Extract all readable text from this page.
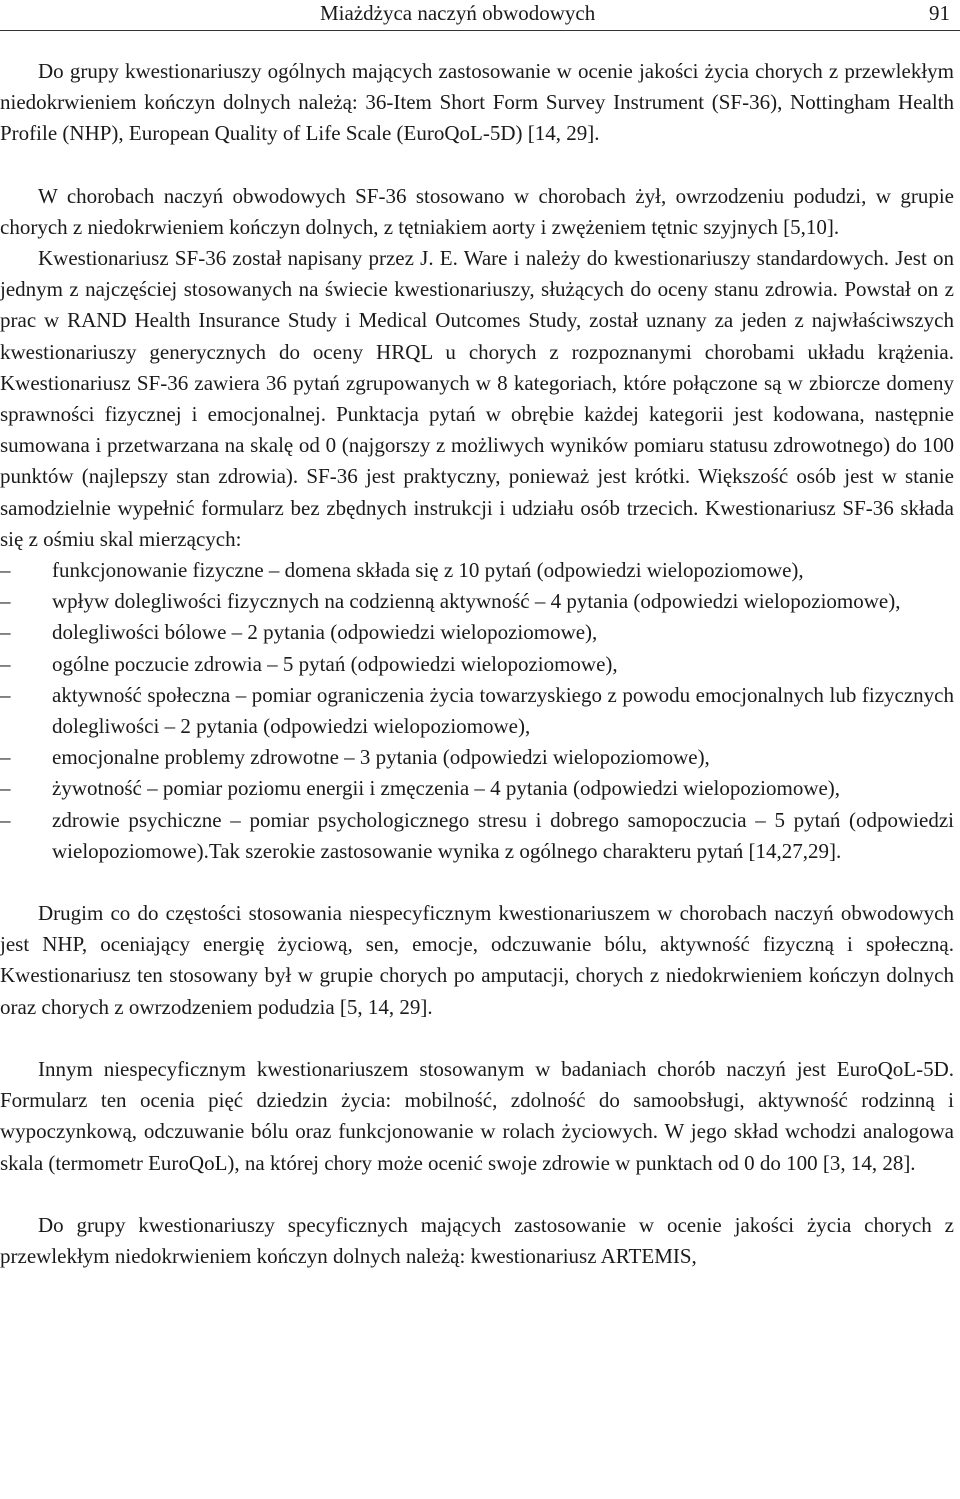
Miażdżyca naczyń obwodowych	91

Do grupy kwestionariuszy ogólnych mających zastosowanie w ocenie jakości życia chorych z przewlekłym niedokrwieniem kończyn dolnych należą: 36-Item Short Form Survey Instrument (SF-36), Nottingham Health Profile (NHP), European Quality of Life Scale (EuroQoL-5D) [14, 29].

W chorobach naczyń obwodowych SF-36 stosowano w chorobach żył, owrzodzeniu podudzi, w grupie chorych z niedokrwieniem kończyn dolnych, z tętniakiem aorty i zwężeniem tętnic szyjnych [5,10].

Kwestionariusz SF-36 został napisany przez J. E. Ware i należy do kwestionariuszy standardowych. Jest on jednym z najczęściej stosowanych na świecie kwestionariuszy, służących do oceny stanu zdrowia. Powstał on z prac w RAND Health Insurance Study i Medical Outcomes Study, został uznany za jeden z najwłaściwszych kwestionariuszy generycznych do oceny HRQL u chorych z rozpoznanymi chorobami układu krążenia. Kwestionariusz SF-36 zawiera 36 pytań zgrupowanych w 8 kategoriach, które połączone są w zbiorcze domeny sprawności fizycznej i emocjonalnej. Punktacja pytań w obrębie każdej kategorii jest kodowana, następnie sumowana i przetwarzana na skalę od 0 (najgorszy z możliwych wyników pomiaru statusu zdrowotnego) do 100 punktów (najlepszy stan zdrowia). SF-36 jest praktyczny, ponieważ jest krótki. Większość osób jest w stanie samodzielnie wypełnić formularz bez zbędnych instrukcji i udziału osób trzecich. Kwestionariusz SF-36 składa się z ośmiu skal mierzących:

– funkcjonowanie fizyczne – domena składa się z 10 pytań (odpowiedzi wielopoziomowe),
– wpływ dolegliwości fizycznych na codzienną aktywność – 4 pytania (odpowiedzi wielopoziomowe),
– dolegliwości bólowe – 2 pytania (odpowiedzi wielopoziomowe),
– ogólne poczucie zdrowia – 5 pytań (odpowiedzi wielopoziomowe),
– aktywność społeczna – pomiar ograniczenia życia towarzyskiego z powodu emocjonalnych lub fizycznych dolegliwości – 2 pytania (odpowiedzi wielopoziomowe),
– emocjonalne problemy zdrowotne – 3 pytania (odpowiedzi wielopoziomowe),
– żywotność – pomiar poziomu energii i zmęczenia – 4 pytania (odpowiedzi wielopoziomowe),
– zdrowie psychiczne – pomiar psychologicznego stresu i dobrego samopoczucia – 5 pytań (odpowiedzi wielopoziomowe).Tak szerokie zastosowanie wynika z ogólnego charakteru pytań [14,27,29].

Drugim co do częstości stosowania niespecyficznym kwestionariuszem w chorobach naczyń obwodowych jest NHP, oceniający energię życiową, sen, emocje, odczuwanie bólu, aktywność fizyczną i społeczną. Kwestionariusz ten stosowany był w grupie chorych po amputacji, chorych z niedokrwieniem kończyn dolnych oraz chorych z owrzodzeniem podudzia [5, 14, 29].

Innym niespecyficznym kwestionariuszem stosowanym w badaniach chorób naczyń jest EuroQoL-5D. Formularz ten ocenia pięć dziedzin życia: mobilność, zdolność do samoobsługi, aktywność rodzinną i wypoczynkową, odczuwanie bólu oraz funkcjonowanie w rolach życiowych. W jego skład wchodzi analogowa skala (termometr EuroQoL), na której chory może ocenić swoje zdrowie w punktach od 0 do 100 [3, 14, 28].

Do grupy kwestionariuszy specyficznych mających zastosowanie w ocenie jakości życia chorych z przewlekłym niedokrwieniem kończyn dolnych należą: kwestionariusz ARTEMIS,
